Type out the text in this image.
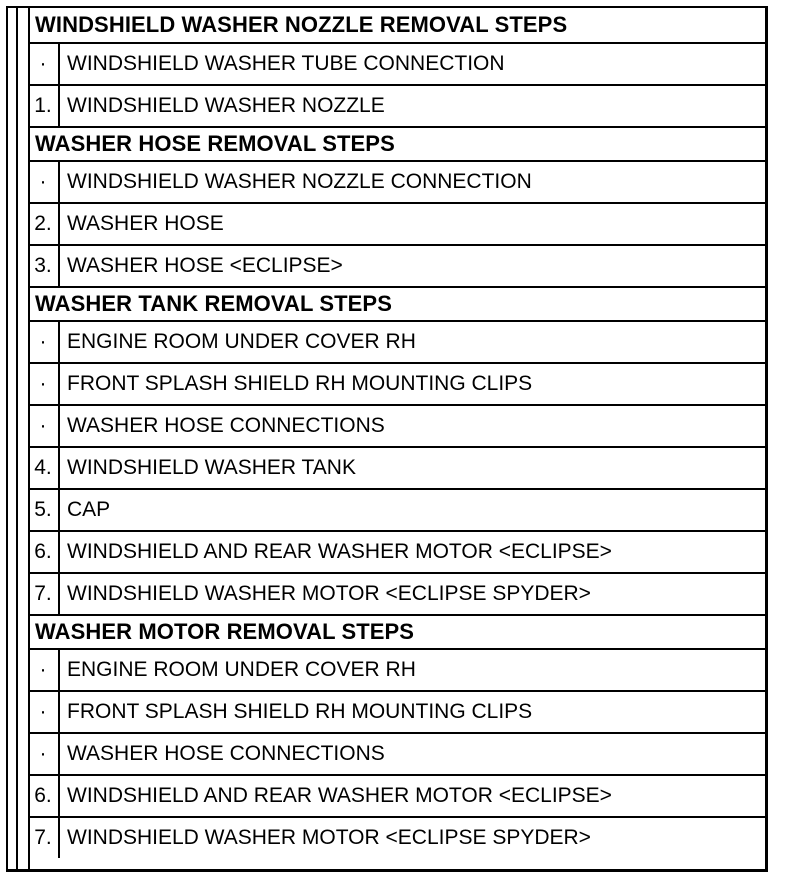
WINDSHIELD WASHER NOZZLE REMOVAL STEPS
· WINDSHIELD WASHER TUBE CONNECTION
1. WINDSHIELD WASHER NOZZLE
WASHER HOSE REMOVAL STEPS
· WINDSHIELD WASHER NOZZLE CONNECTION
2. WASHER HOSE
3. WASHER HOSE <ECLIPSE>
WASHER TANK REMOVAL STEPS
· ENGINE ROOM UNDER COVER RH
· FRONT SPLASH SHIELD RH MOUNTING CLIPS
· WASHER HOSE CONNECTIONS
4. WINDSHIELD WASHER TANK
5. CAP
6. WINDSHIELD AND REAR WASHER MOTOR <ECLIPSE>
7. WINDSHIELD WASHER MOTOR <ECLIPSE SPYDER>
WASHER MOTOR REMOVAL STEPS
· ENGINE ROOM UNDER COVER RH
· FRONT SPLASH SHIELD RH MOUNTING CLIPS
· WASHER HOSE CONNECTIONS
6. WINDSHIELD AND REAR WASHER MOTOR <ECLIPSE>
7. WINDSHIELD WASHER MOTOR <ECLIPSE SPYDER>
